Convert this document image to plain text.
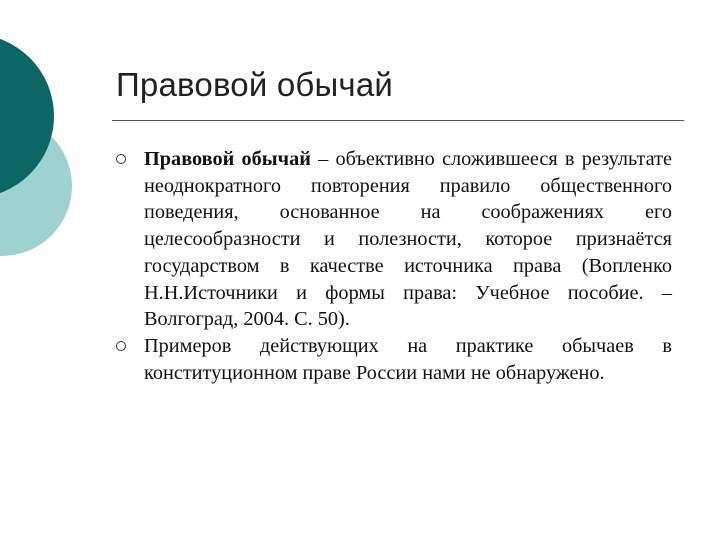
Правовой обычай

Правовой обычай – объективно сложившееся в результате неоднократного повторения правило общественного поведения, основанное на соображениях его целесообразности и полезности, которое признаётся государством в качестве источника права (Вопленко Н.Н.Источники и формы права: Учебное пособие. – Волгоград, 2004. С. 50).

Примеров действующих на практике обычаев в конституционном праве России нами не обнаружено.
